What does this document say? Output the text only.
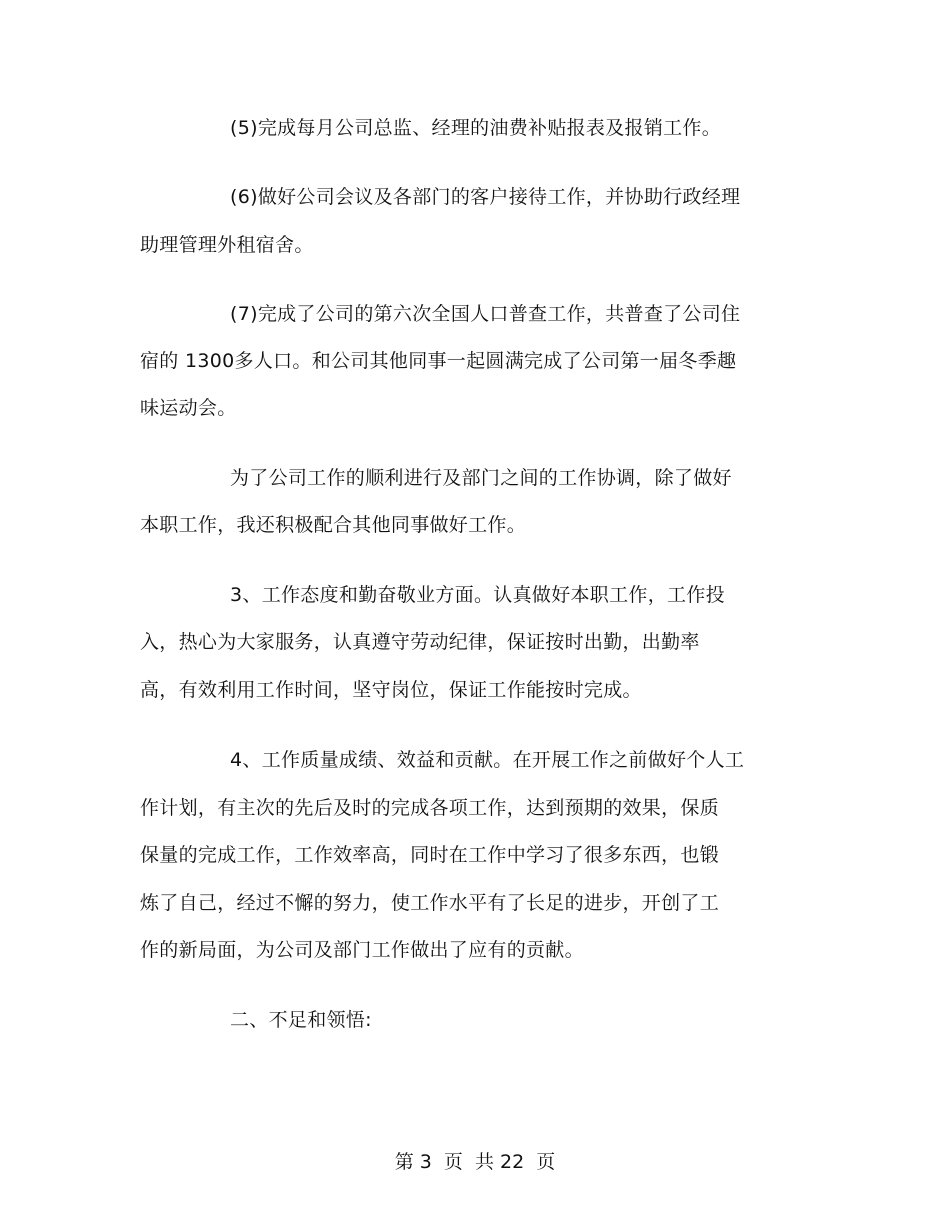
(5)完成每月公司总监、经理的油费补贴报表及报销工作。
(6)做好公司会议及各部门的客户接待工作，并协助行政经理
助理管理外租宿舍。
(7)完成了公司的第六次全国人口普查工作，共普查了公司住
宿的 1300多人口。和公司其他同事一起圆满完成了公司第一届冬季趣
味运动会。
为了公司工作的顺利进行及部门之间的工作协调，除了做好
本职工作，我还积极配合其他同事做好工作。
3、工作态度和勤奋敬业方面。认真做好本职工作，工作投
入，热心为大家服务，认真遵守劳动纪律，保证按时出勤，出勤率
高，有效利用工作时间，坚守岗位，保证工作能按时完成。
4、工作质量成绩、效益和贡献。在开展工作之前做好个人工
作计划，有主次的先后及时的完成各项工作，达到预期的效果，保质
保量的完成工作，工作效率高，同时在工作中学习了很多东西，也锻
炼了自己，经过不懈的努力，使工作水平有了长足的进步，开创了工
作的新局面，为公司及部门工作做出了应有的贡献。
二、不足和领悟:
第 3  页  共 22  页
